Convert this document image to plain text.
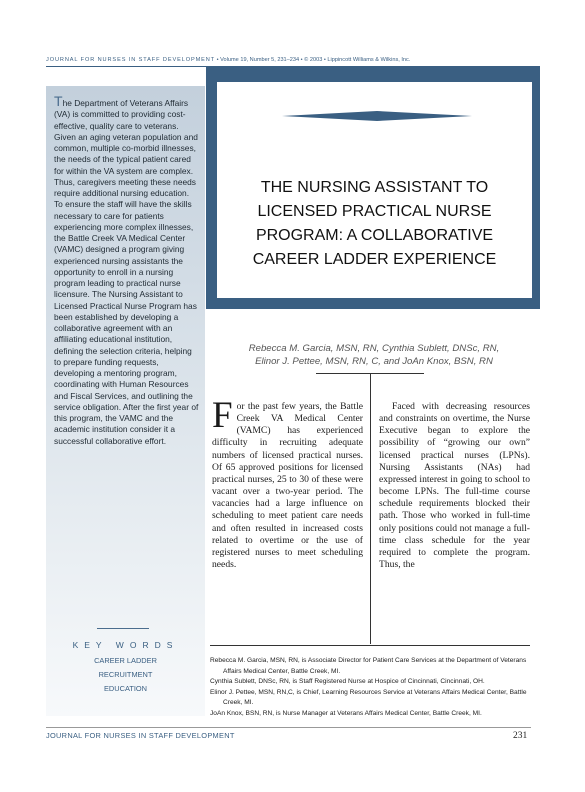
JOURNAL FOR NURSES IN STAFF DEVELOPMENT • Volume 19, Number 5, 231–234 • © 2003 • Lippincott Williams & Wilkins, Inc.
The Department of Veterans Affairs (VA) is committed to providing cost-effective, quality care to veterans. Given an aging veteran population and common, multiple co-morbid illnesses, the needs of the typical patient cared for within the VA system are complex. Thus, caregivers meeting these needs require additional nursing education. To ensure the staff will have the skills necessary to care for patients experiencing more complex illnesses, the Battle Creek VA Medical Center (VAMC) designed a program giving experienced nursing assistants the opportunity to enroll in a nursing program leading to practical nurse licensure. The Nursing Assistant to Licensed Practical Nurse Program has been established by developing a collaborative agreement with an affiliating educational institution, defining the selection criteria, helping to prepare funding requests, developing a mentoring program, coordinating with Human Resources and Fiscal Services, and outlining the service obligation. After the first year of this program, the VAMC and the academic institution consider it a successful collaborative effort.
KEY WORDS
CAREER LADDER
RECRUITMENT
EDUCATION
THE NURSING ASSISTANT TO
LICENSED PRACTICAL NURSE
PROGRAM: A COLLABORATIVE
CAREER LADDER EXPERIENCE
Rebecca M. Garcia, MSN, RN, Cynthia Sublett, DNSc, RN,
Elinor J. Pettee, MSN, RN, C, and JoAn Knox, BSN, RN
For the past few years, the Battle Creek VA Medical Center (VAMC) has experienced difficulty in recruiting adequate numbers of licensed practical nurses. Of 65 approved positions for licensed practical nurses, 25 to 30 of these were vacant over a two-year period. The vacancies had a large influence on scheduling to meet patient care needs and often resulted in increased costs related to overtime or the use of registered nurses to meet scheduling needs.
Faced with decreasing resources and constraints on overtime, the Nurse Executive began to explore the possibility of “growing our own” licensed practical nurses (LPNs). Nursing Assistants (NAs) had expressed interest in going to school to become LPNs. The full-time course schedule requirements blocked their path. Those who worked in full-time only positions could not manage a full-time class schedule for the year required to complete the program. Thus, the
Rebecca M. Garcia, MSN, RN, is Associate Director for Patient Care Services at the Department of Veterans Affairs Medical Center, Battle Creek, MI.
Cynthia Sublett, DNSc, RN, is Staff Registered Nurse at Hospice of Cincinnati, Cincinnati, OH.
Elinor J. Pettee, MSN, RN,C, is Chief, Learning Resources Service at Veterans Affairs Medical Center, Battle Creek, MI.
JoAn Knox, BSN, RN, is Nurse Manager at Veterans Affairs Medical Center, Battle Creek, MI.
JOURNAL FOR NURSES IN STAFF DEVELOPMENT	231
